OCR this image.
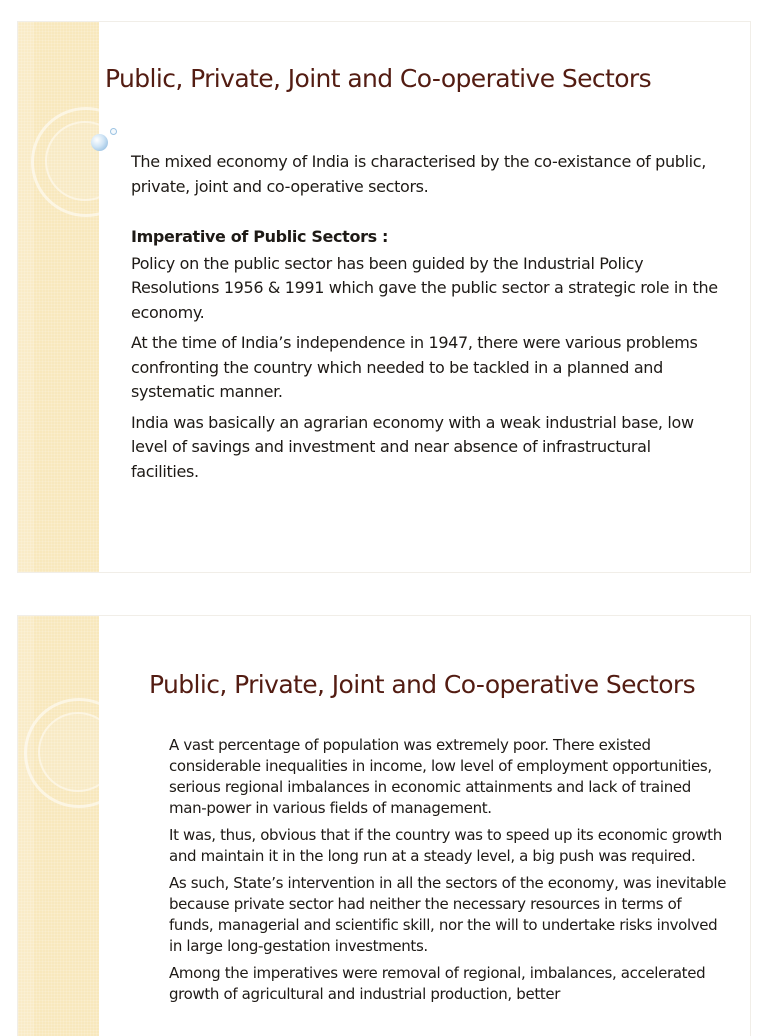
Public, Private, Joint and Co-operative Sectors

The mixed economy of India is characterised by the co-existance of public, private, joint and co-operative sectors.

Imperative of Public Sectors :

Policy on the public sector has been guided by the Industrial Policy Resolutions 1956 & 1991 which gave the public sector a strategic role in the economy.

At the time of India’s independence in 1947, there were various problems confronting the country which needed to be tackled in a planned and systematic manner.

India was basically an agrarian economy with a weak industrial base, low level of savings and investment and near absence of infrastructural facilities.

Public, Private, Joint and Co-operative Sectors

A vast percentage of population was extremely poor. There existed considerable inequalities in income, low level of employment opportunities, serious regional imbalances in economic attainments and lack of trained man-power in various fields of management.

It was, thus, obvious that if the country was to speed up its economic growth and maintain it in the long run at a steady level, a big push was required.

As such, State’s intervention in all the sectors of the economy, was inevitable because private sector had neither the necessary resources in terms of funds, managerial and scientific skill, nor the will to undertake risks involved in large long-gestation investments.

Among the imperatives were removal of regional, imbalances, accelerated growth of agricultural and industrial production, better
